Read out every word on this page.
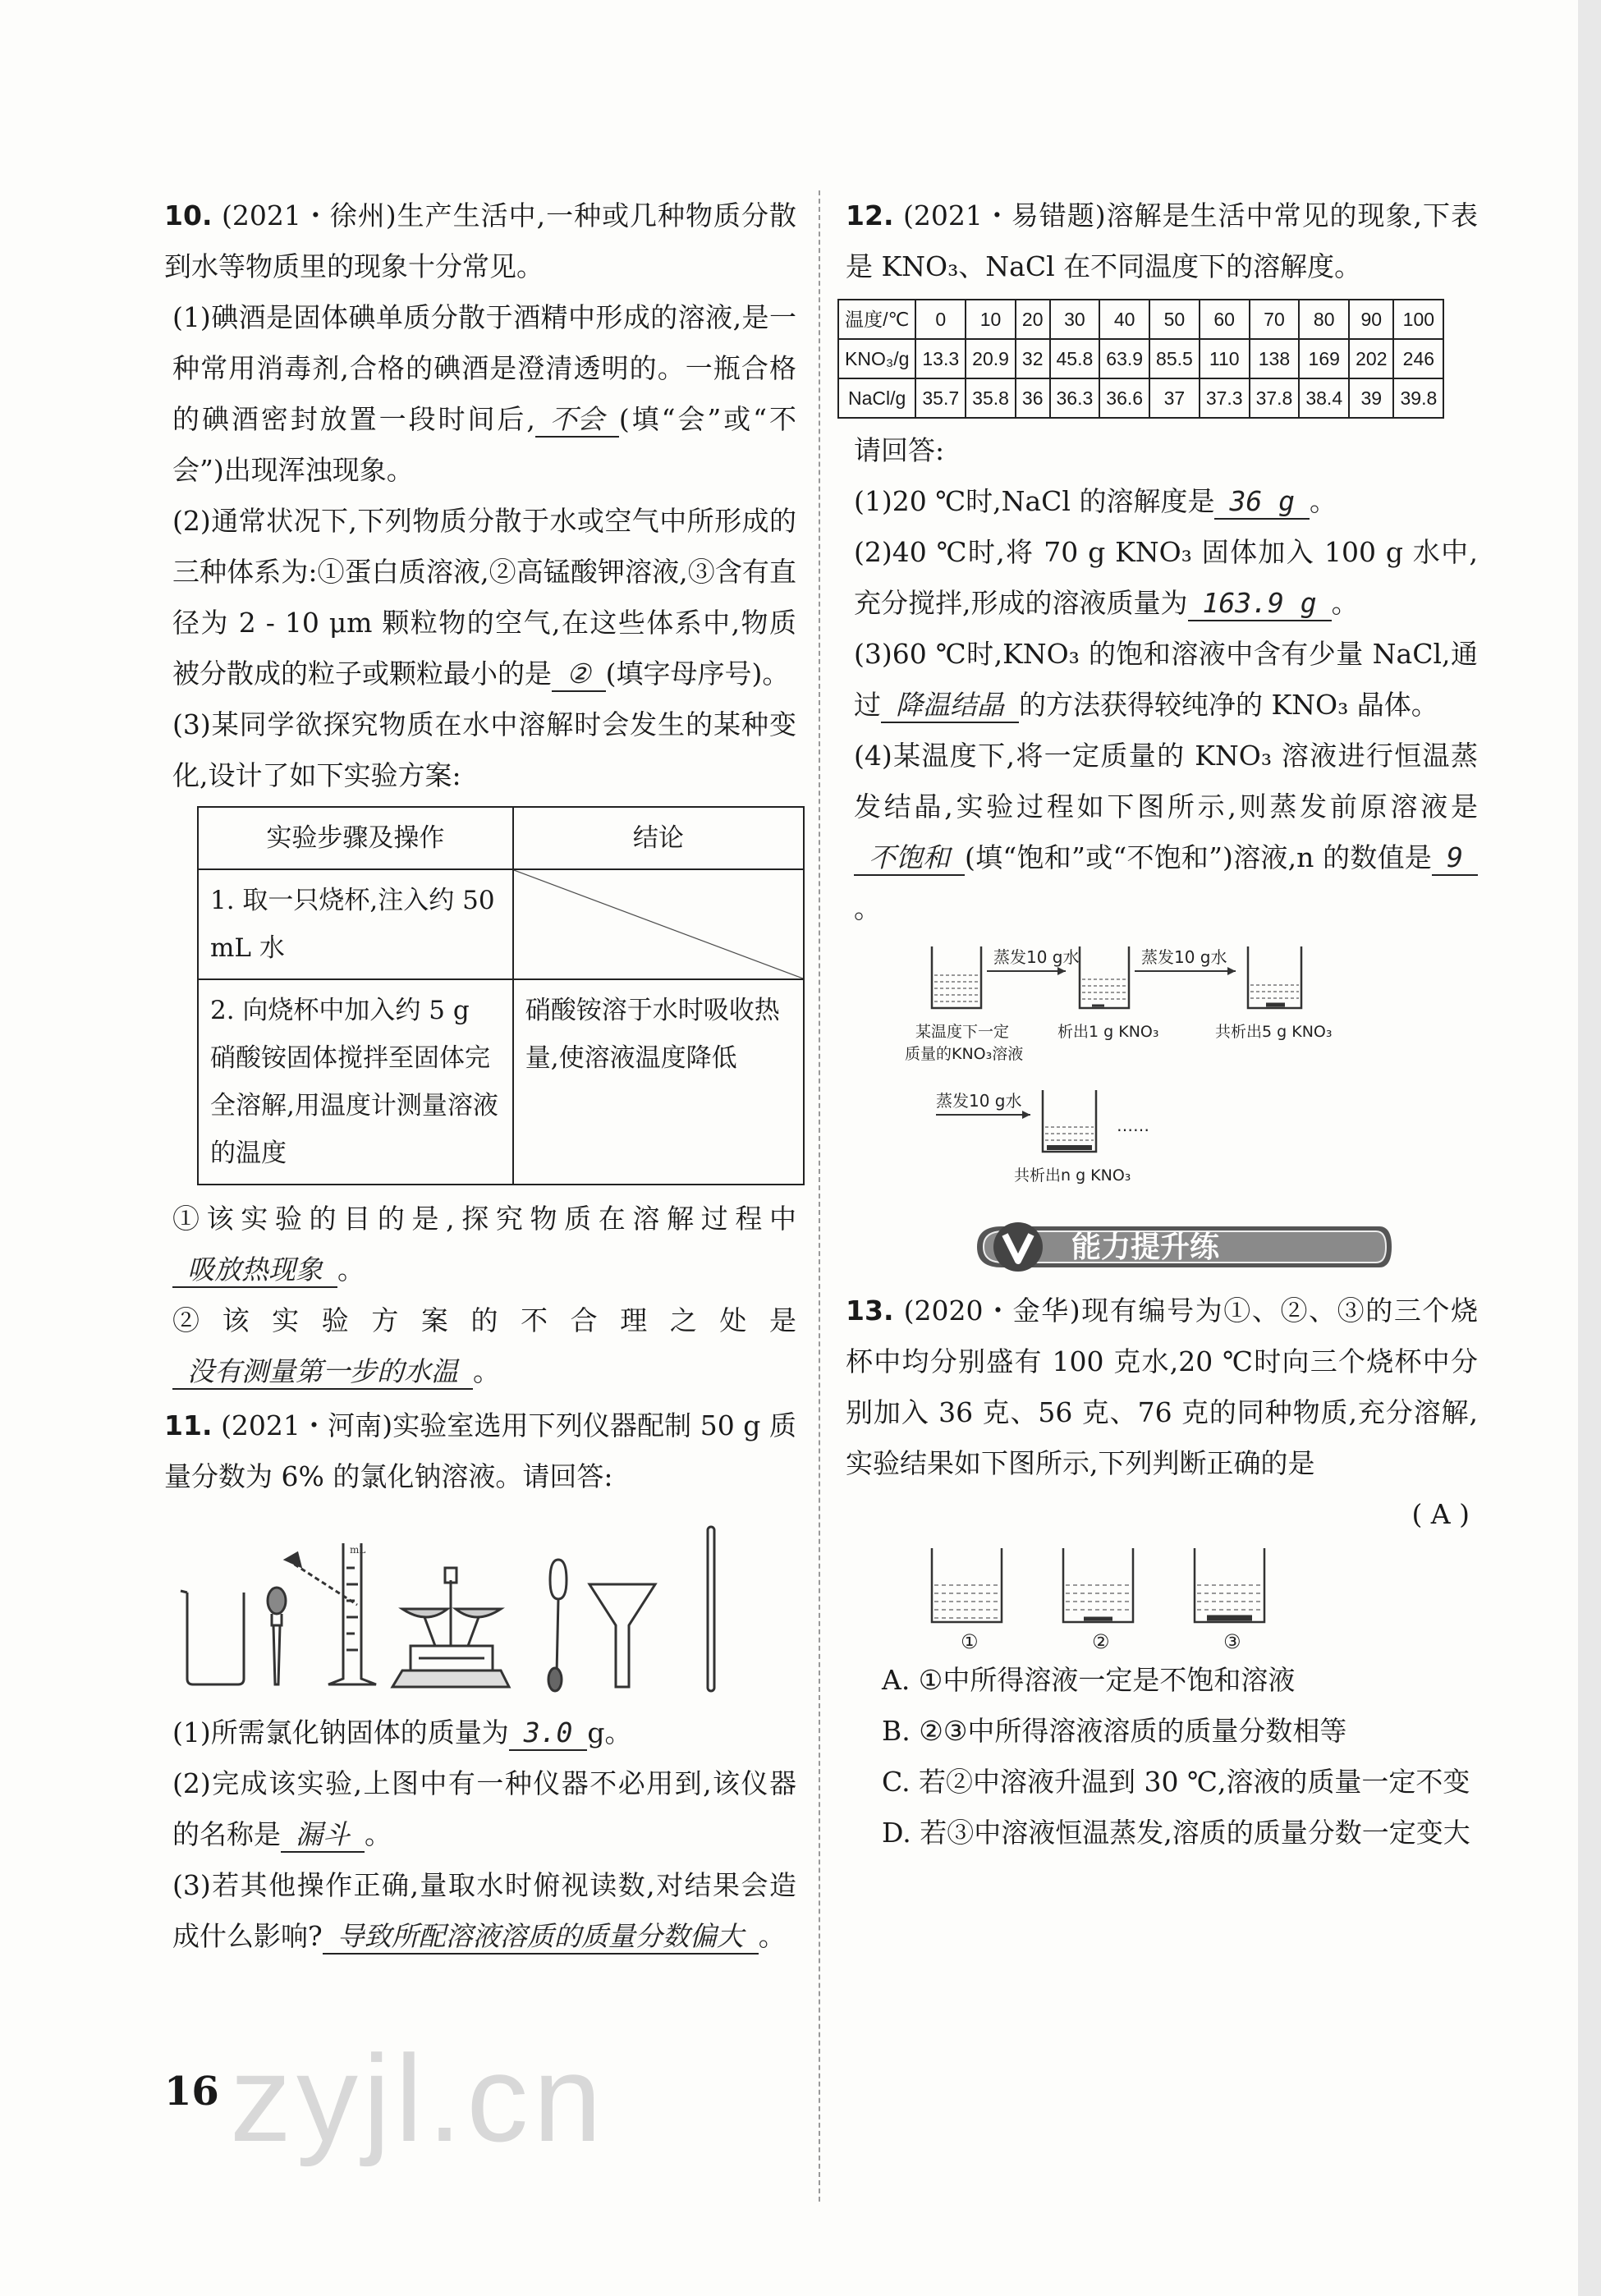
10. (2021・徐州)生产生活中,一种或几种物质分散到水等物质里的现象十分常见。

(1)碘酒是固体碘单质分散于酒精中形成的溶液,是一种常用消毒剂,合格的碘酒是澄清透明的。一瓶合格的碘酒密封放置一段时间后, 不会 (填“会”或“不会”)出现浑浊现象。

(2)通常状况下,下列物质分散于水或空气中所形成的三种体系为:①蛋白质溶液,②高锰酸钾溶液,③含有直径为 2 - 10 μm 颗粒物的空气,在这些体系中,物质被分散成的粒子或颗粒最小的是 ② (填字母序号)。

(3)某同学欲探究物质在水中溶解时会发生的某种变化,设计了如下实验方案:

实验步骤及操作	结论
1. 取一只烧杯,注入约 50 mL 水	
2. 向烧杯中加入约 5 g 硝酸铵固体搅拌至固体完全溶解,用温度计测量溶液的温度	硝酸铵溶于水时吸收热量,使溶液温度降低

①该实验的目的是,探究物质在溶解过程中吸放热现象 。

②该实验方案的不合理之处是没有测量第一步的水温 。

11. (2021・河南)实验室选用下列仪器配制 50 g 质量分数为 6% 的氯化钠溶液。请回答:

mL

(1)所需氯化钠固体的质量为 3.0 g。

(2)完成该实验,上图中有一种仪器不必用到,该仪器的名称是 漏斗 。

(3)若其他操作正确,量取水时俯视读数,对结果会造成什么影响? 导致所配溶液溶质的质量分数偏大 。

12. (2021・易错题)溶解是生活中常见的现象,下表是 KNO₃、NaCl 在不同温度下的溶解度。

温度/℃	0	10	20	30	40	50	60	70	80	90	100
KNO₃/g	13.3	20.9	32	45.8	63.9	85.5	110	138	169	202	246
NaCl/g	35.7	35.8	36	36.3	36.6	37	37.3	37.8	38.4	39	39.8

请回答:

(1)20 ℃时,NaCl 的溶解度是 36 g 。

(2)40 ℃时,将 70 g KNO₃ 固体加入 100 g 水中,充分搅拌,形成的溶液质量为 163.9 g 。

(3)60 ℃时,KNO₃ 的饱和溶液中含有少量 NaCl,通过 降温结晶 的方法获得较纯净的 KNO₃ 晶体。

(4)某温度下,将一定质量的 KNO₃ 溶液进行恒温蒸发结晶,实验过程如下图所示,则蒸发前原溶液是不饱和 (填“饱和”或“不饱和”)溶液,n 的数值是 9。

蒸发10 g水	蒸发10 g水
某温度下一定
质量的KNO₃溶液
析出1 g KNO₃	共析出5 g KNO₃
蒸发10 g水
……
共析出n g KNO₃
能力提升练

13. (2020・金华)现有编号为①、②、③的三个烧杯中均分别盛有 100 克水,20 ℃时向三个烧杯中分别加入 36 克、56 克、76 克的同种物质,充分溶解,实验结果如下图所示,下列判断正确的是

( A )

①	②	③

A. ①中所得溶液一定是不饱和溶液

B. ②③中所得溶液溶质的质量分数相等

C. 若②中溶液升温到 30 ℃,溶液的质量一定不变

D. 若③中溶液恒温蒸发,溶质的质量分数一定变大

16 zyjl.cn
